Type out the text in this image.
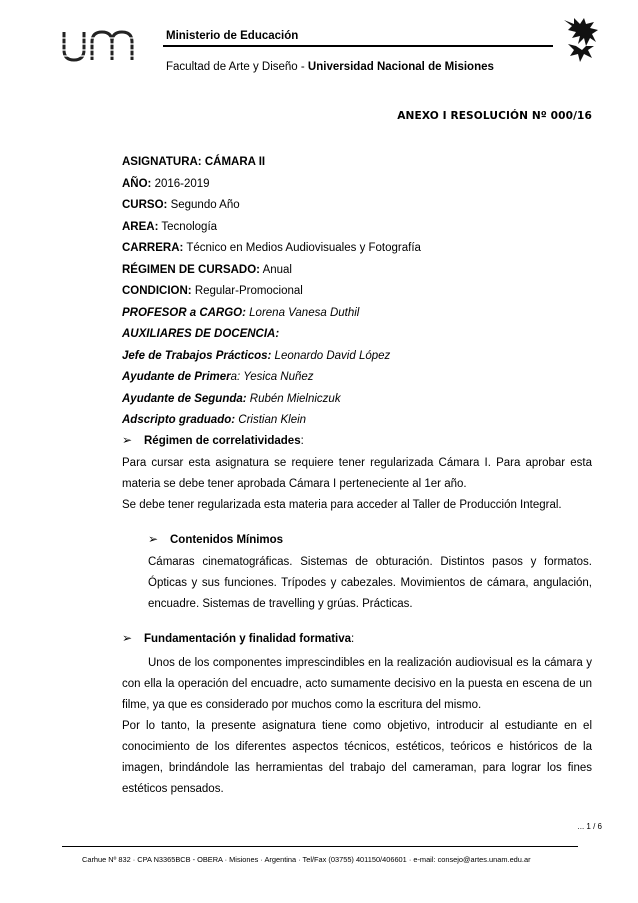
Ministerio de Educación
Facultad de Arte y Diseño - Universidad Nacional de Misiones
ANEXO I RESOLUCIÓN Nº 000/16
ASIGNATURA: CÁMARA II
AÑO: 2016-2019
CURSO: Segundo Año
AREA: Tecnología
CARRERA: Técnico en Medios Audiovisuales y Fotografía
RÉGIMEN DE CURSADO: Anual
CONDICION: Regular-Promocional
PROFESOR a CARGO: Lorena Vanesa Duthil
AUXILIARES DE DOCENCIA:
Jefe de Trabajos Prácticos: Leonardo David López
Ayudante de Primera: Yesica Nuñez
Ayudante de Segunda: Rubén Mielniczuk
Adscripto graduado: Cristian Klein
➢ Régimen de correlatividades:
Para cursar esta asignatura se requiere tener regularizada Cámara I. Para aprobar esta materia se debe tener aprobada Cámara I perteneciente al 1er año.
Se debe tener regularizada esta materia para acceder al Taller de Producción Integral.
➢ Contenidos Mínimos
Cámaras cinematográficas. Sistemas de obturación. Distintos pasos y formatos. Ópticas y sus funciones. Trípodes y cabezales. Movimientos de cámara, angulación, encuadre. Sistemas de travelling y grúas. Prácticas.
➢ Fundamentación y finalidad formativa:
Unos de los componentes imprescindibles en la realización audiovisual es la cámara y con ella la operación del encuadre, acto sumamente decisivo en la puesta en escena de un filme, ya que es considerado por muchos como la escritura del mismo.
Por lo tanto, la presente asignatura tiene como objetivo, introducir al estudiante en el conocimiento de los diferentes aspectos técnicos, estéticos, teóricos e históricos de la imagen, brindándole las herramientas del trabajo del cameraman, para lograr los fines estéticos pensados.
... 1 / 6
Carhue Nº 832 · CPA N3365BCB - OBERA · Misiones · Argentina · Tel/Fax (03755) 401150/406601 · e-mail: consejo@artes.unam.edu.ar
